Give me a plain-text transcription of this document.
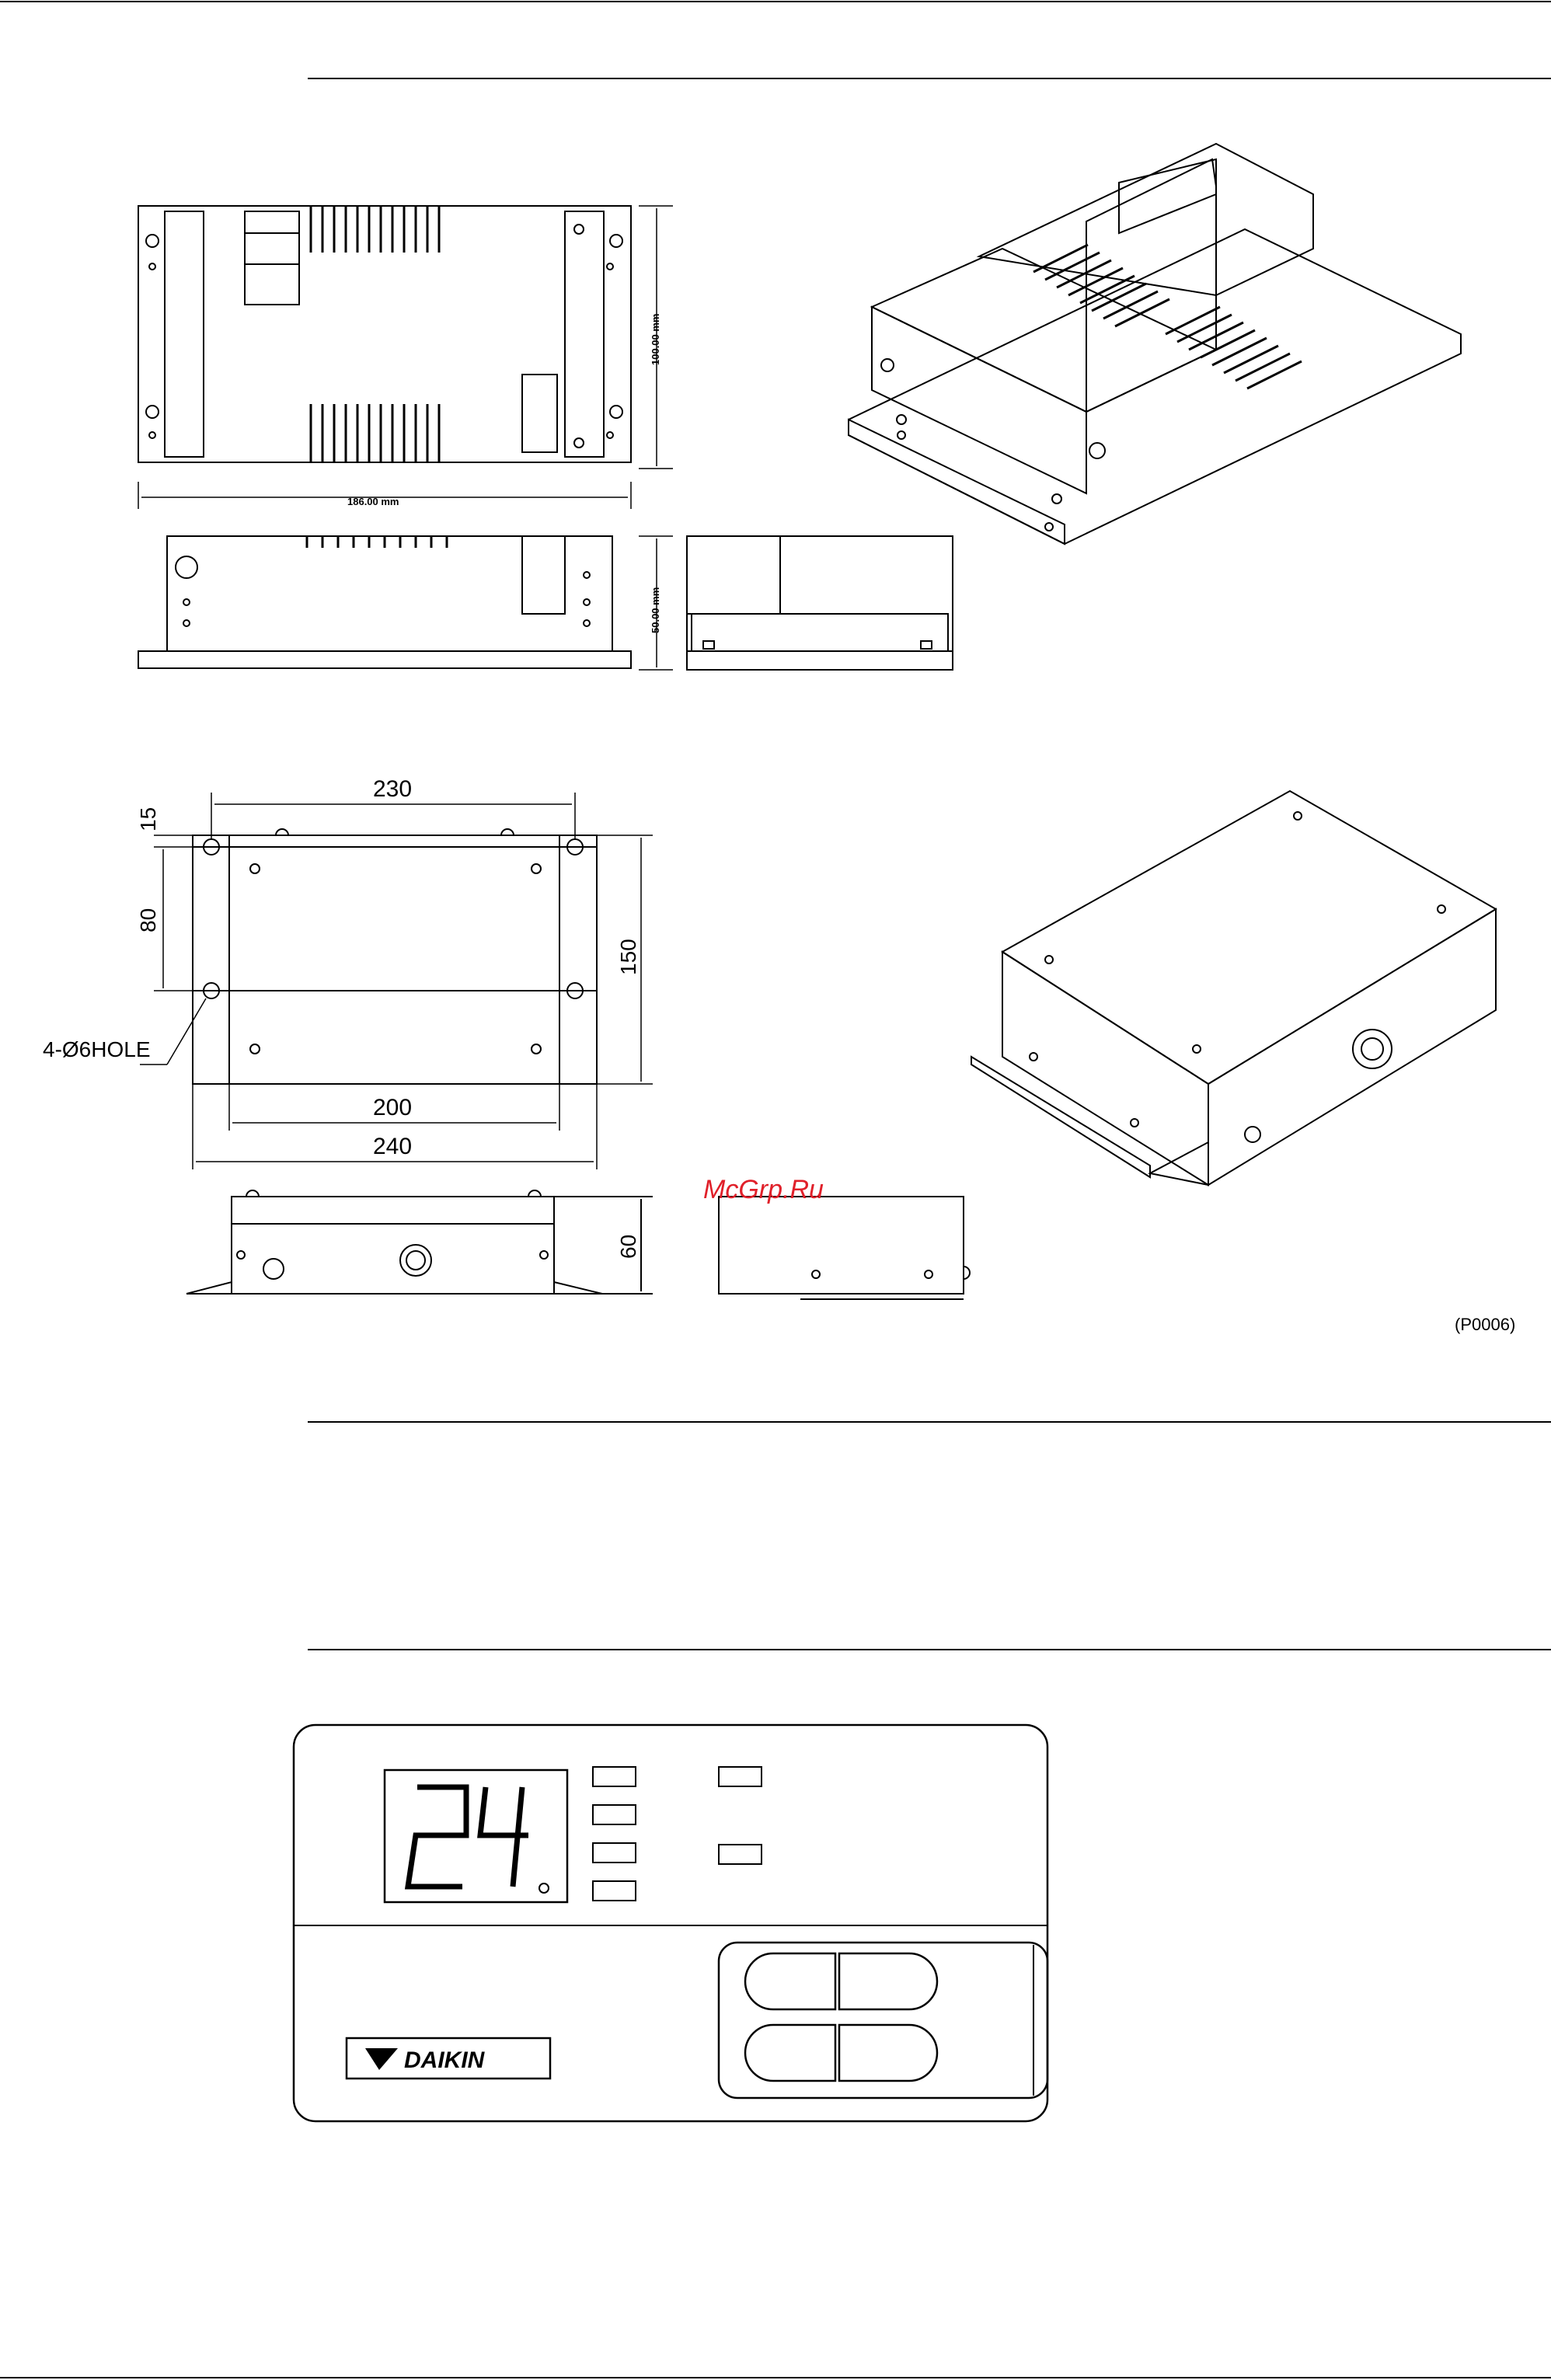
186.00 mm
100.00 mm
50.00 mm
230
15
80
150
200
240
4-Ø6HOLE
60
McGrp.Ru
(P0006)
24
DAIKIN
